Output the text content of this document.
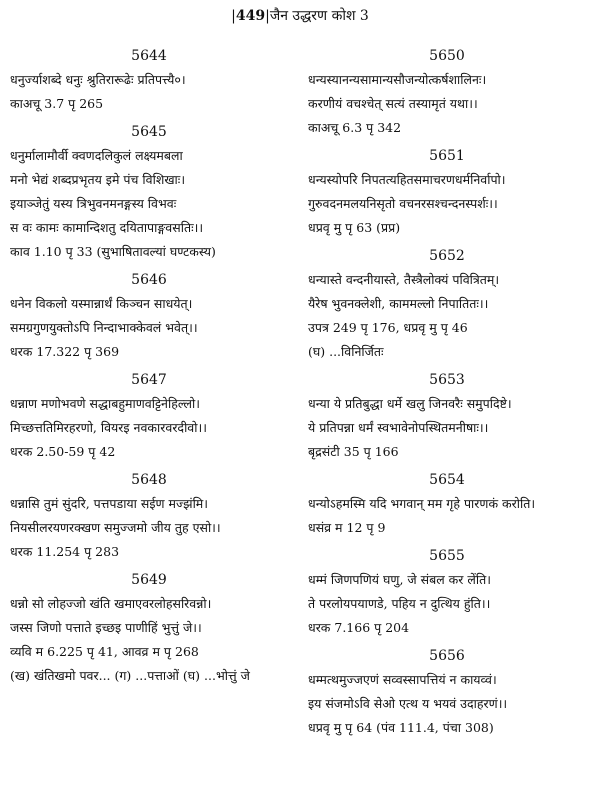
|449|जैन उद्धरण कोश 3
5644
धनुर्ज्याशब्दे धनुः श्रुतिरारूढेः प्रतिपत्त्यै०।
काअचू 3.7 पृ 265
5645
धनुर्मालामौर्वी क्वणदलिकुलं लक्ष्यमबला
मनो भेद्यं शब्दप्रभृतय इमे पंच विशिखाः।
इयाञ्जेतुं यस्य त्रिभुवनमनङ्गस्य विभवः
स वः कामः कामान्दिशतु दयितापाङ्गवसतिः।।
काव 1.10 पृ 33 (सुभाषितावल्यां घण्टकस्य)
5646
धनेन विकलो यस्मान्नार्थं किञ्चन साधयेत्।
समग्रगुणयुक्तोऽपि निन्दाभाक्केवलं भवेत्।।
धरक 17.322 पृ 369
5647
धन्नाण मणोभवणे सद्धाबहुमाणवट्टिनेहिल्लो।
मिच्छत्ततिमिरहरणो, वियरइ नवकारवरदीवो।।
धरक 2.50-59 पृ 42
5648
धन्नासि तुमं सुंदरि, पत्तपडाया सईण मज्झंमि।
नियसीलरयणरक्खण समुज्जमो जीय तुह एसो।।
धरक 11.254 पृ 283
5649
धन्नो सो लोहज्जो खंति खमाएवरलोहसरिवन्नो।
जस्स जिणो पत्ताते इच्छइ पाणीहिं भुत्तुं जे।।
व्यवि म 6.225 पृ 41, आवव्र म पृ 268
(ख) खंतिखमो पवर... (ग) ...पत्ताओं (घ) ...भोत्तुं जे
5650
धन्यस्यानन्यसामान्यसौजन्योत्कर्षशालिनः।
करणीयं वचश्चेत् सत्यं तस्यामृतं यथा।।
काअचू 6.3 पृ 342
5651
धन्यस्योपरि निपतत्यहितसमाचरणधर्मनिर्वापो।
गुरुवदनमलयनिसृतो वचनरसश्चन्दनस्पर्शः।।
धप्रवृ मु पृ 63 (प्रप्र)
5652
धन्यास्ते वन्दनीयास्ते, तैस्त्रैलोक्यं पवित्रितम्।
यैरेष भुवनक्लेशी, काममल्लो निपातितः।।
उपत्र 249 पृ 176, धप्रवृ मु पृ 46
(घ) ...विनिर्जितः
5653
धन्या ये प्रतिबुद्धा धर्मे खलु जिनवरैः समुपदिष्टे।
ये प्रतिपन्ना धर्मं स्वभावेनोपस्थितमनीषाः।।
बृद्रसंटी 35 पृ 166
5654
धन्योऽहमस्मि यदि भगवान् मम गृहे पारणकं करोति।
धसंव्र म 12 पृ 9
5655
धम्मं जिणपणियं घणु, जे संबल कर लेंति।
ते परलोयपयाणडे, पहिय न दुत्थिय हुंति।।
धरक 7.166 पृ 204
5656
धम्मत्थमुज्जएणं सव्वस्सापत्तियं न कायव्वं।
इय संजमोऽवि सेओ एत्थ य भयवं उदाहरणं।।
धप्रवृ मु पृ 64 (पंव 111.4, पंचा 308)
